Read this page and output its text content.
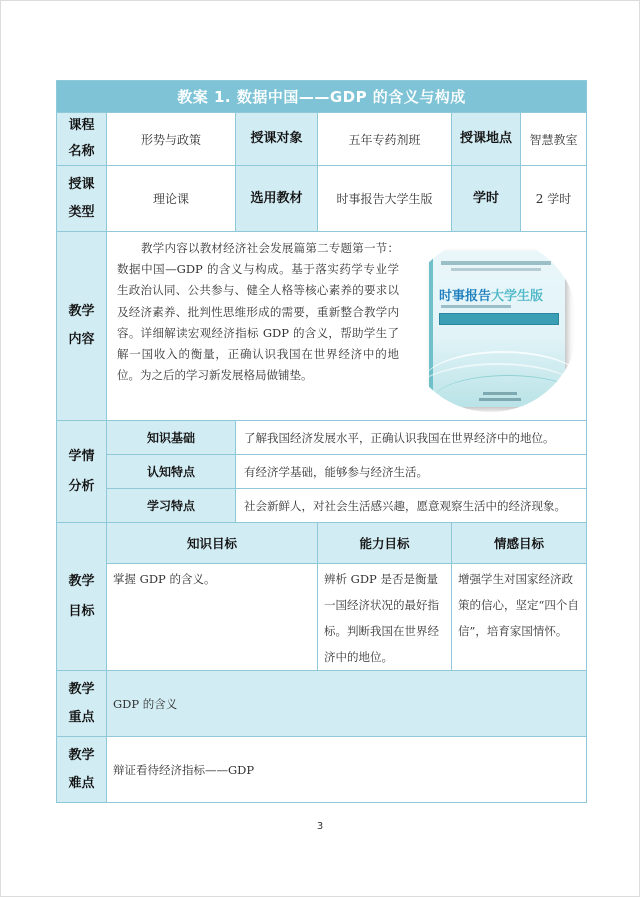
教案 1. 数据中国——GDP 的含义与构成					

课程名称	形势与政策	授课对象	五年专药剂班	授课地点	智慧教室

授课类型	理论课	选用教材	时事报告大学生版	学时	2 学时

教学内容	教学内容以教材经济社会发展篇第二专题第一节：数据中国—GDP 的含义与构成。基于落实药学专业学生政治认同、公共参与、健全人格等核心素养的要求以及经济素养、批判性思维形成的需要，重新整合教学内容。详细解读宏观经济指标 GDP 的含义，帮助学生了解一国收入的衡量，正确认识我国在世界经济中的地位。为之后的学习新发展格局做铺垫。
时事报告大学生版				

学情分析	知识基础	了解我国经济发展水平，正确认识我国在世界经济中的地位。			
	认知特点	有经济学基础，能够参与经济生活。			
	学习特点	社会新鲜人，对社会生活感兴趣，愿意观察生活中的经济现象。			

教学目标	知识目标		能力目标	情感目标	

	掌握 GDP 的含义。		辨析 GDP 是否是衡量一国经济状况的最好指标。判断我国在世界经济中的地位。	增强学生对国家经济政策的信心，坚定“四个自信”，培育家国情怀。	

教学重点	GDP 的含义				

教学难点	辩证看待经济指标——GDP				
3
